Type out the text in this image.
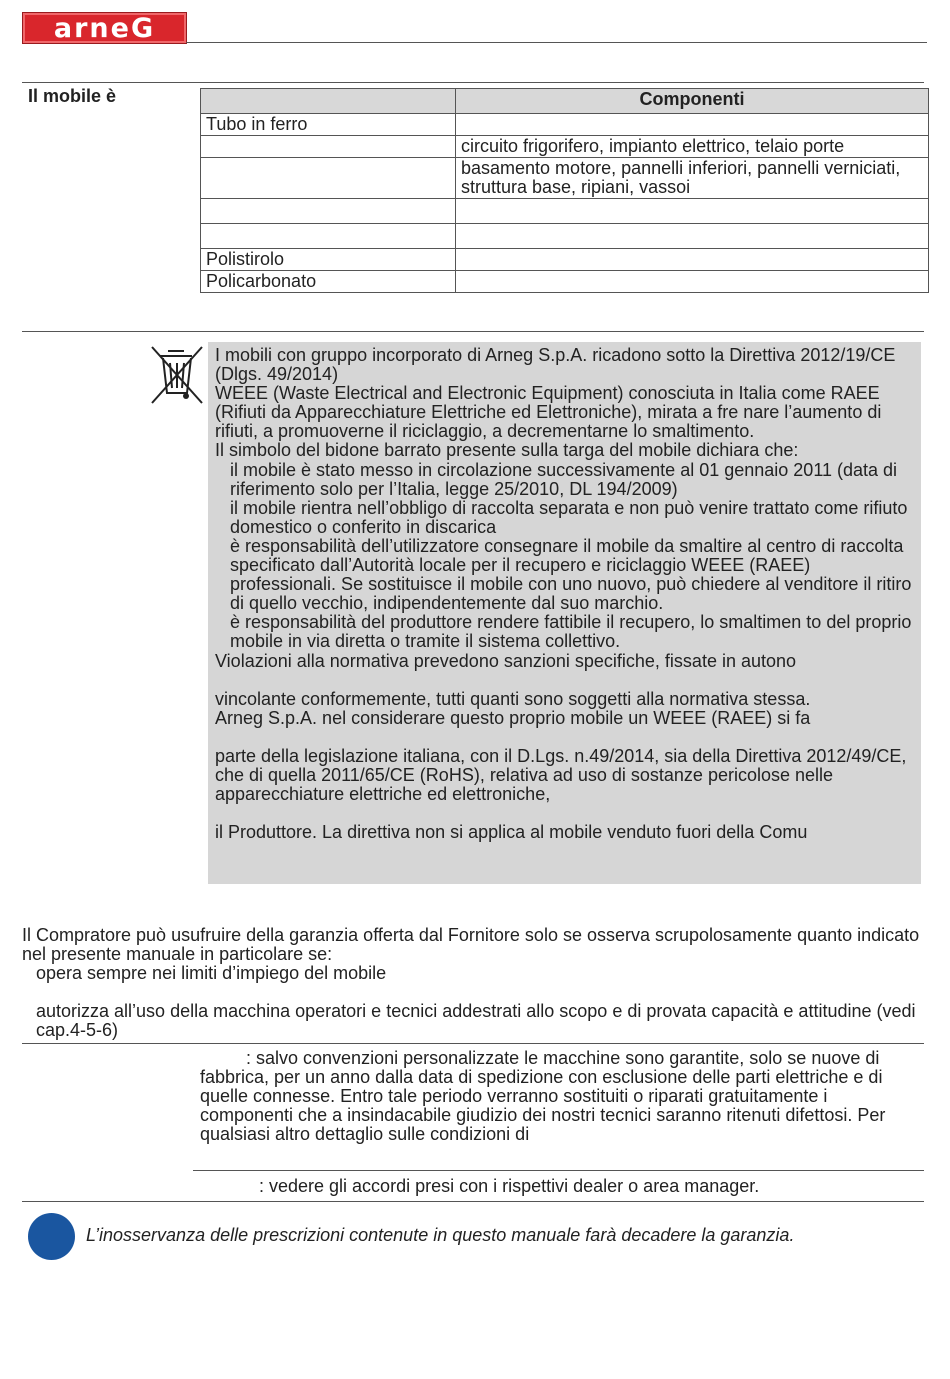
arneG
Il mobile è
		Componenti
Tubo in ferro	
	circuito frigorifero, impianto elettrico, telaio porte
	basamento motore, pannelli inferiori, pannelli verniciati, struttura base, ripiani, vassoi

Polistirolo	
Policarbonato	

I mobili con gruppo incorporato di Arneg S.p.A. ricadono sotto la Direttiva 2012/19/CE (Dlgs. 49/2014)

WEEE (Waste Electrical and Electronic Equipment) conosciuta in Italia come RAEE (Rifiuti da Apparecchiature Elettriche ed Elettroniche), mirata a fre nare l’aumento di rifiuti, a promuoverne il riciclaggio, a decrementarne lo smaltimento.

Il simbolo del bidone barrato presente sulla targa del mobile dichiara che:

il mobile è stato messo in circolazione successivamente al 01 gennaio 2011 (data di riferimento solo per l’Italia, legge 25/2010, DL 194/2009)

il mobile rientra nell’obbligo di raccolta separata e non può venire trattato come rifiuto domestico o conferito in discarica

è responsabilità dell’utilizzatore consegnare il mobile da smaltire al centro di raccolta specificato dall’Autorità locale per il recupero e riciclaggio WEEE (RAEE) professionali. Se sostituisce il mobile con uno nuovo, può chiedere al venditore il ritiro di quello vecchio, indipendentemente dal suo marchio.

è responsabilità del produttore rendere fattibile il recupero, lo smaltimen to del proprio mobile in via diretta o tramite il sistema collettivo.

Violazioni alla normativa prevedono sanzioni specifiche, fissate in autono

vincolante conformemente, tutti quanti sono soggetti alla normativa stessa.

Arneg S.p.A. nel considerare questo proprio mobile un WEEE (RAEE) si fa

parte della legislazione italiana, con il D.Lgs. n.49/2014, sia della Direttiva 2012/49/CE, che di quella 2011/65/CE (RoHS), relativa ad uso di sostanze pericolose nelle apparecchiature elettriche ed elettroniche,

il Produttore. La direttiva non si applica al mobile venduto fuori della Comu

Il Compratore può usufruire della garanzia offerta dal Fornitore solo se osserva scrupolosamente quanto indicato nel presente manuale in particolare se:

opera sempre nei limiti d’impiego del mobile

autorizza all’uso della macchina operatori e tecnici addestrati allo scopo e di provata capacità e attitudine (vedi cap.4-5-6)

: salvo convenzioni personalizzate le macchine sono garantite, solo se nuove di fabbrica, per un anno dalla data di spedizione con esclusione delle parti elettriche e di quelle connesse. Entro tale periodo verranno sostituiti o riparati gratuitamente i componenti che a insindacabile giudizio dei nostri tecnici saranno ritenuti difettosi. Per qualsiasi altro dettaglio sulle condizioni di
: vedere gli accordi presi con i rispettivi dealer o area manager.
L’inosservanza delle prescrizioni contenute in questo manuale farà decadere la garanzia.
